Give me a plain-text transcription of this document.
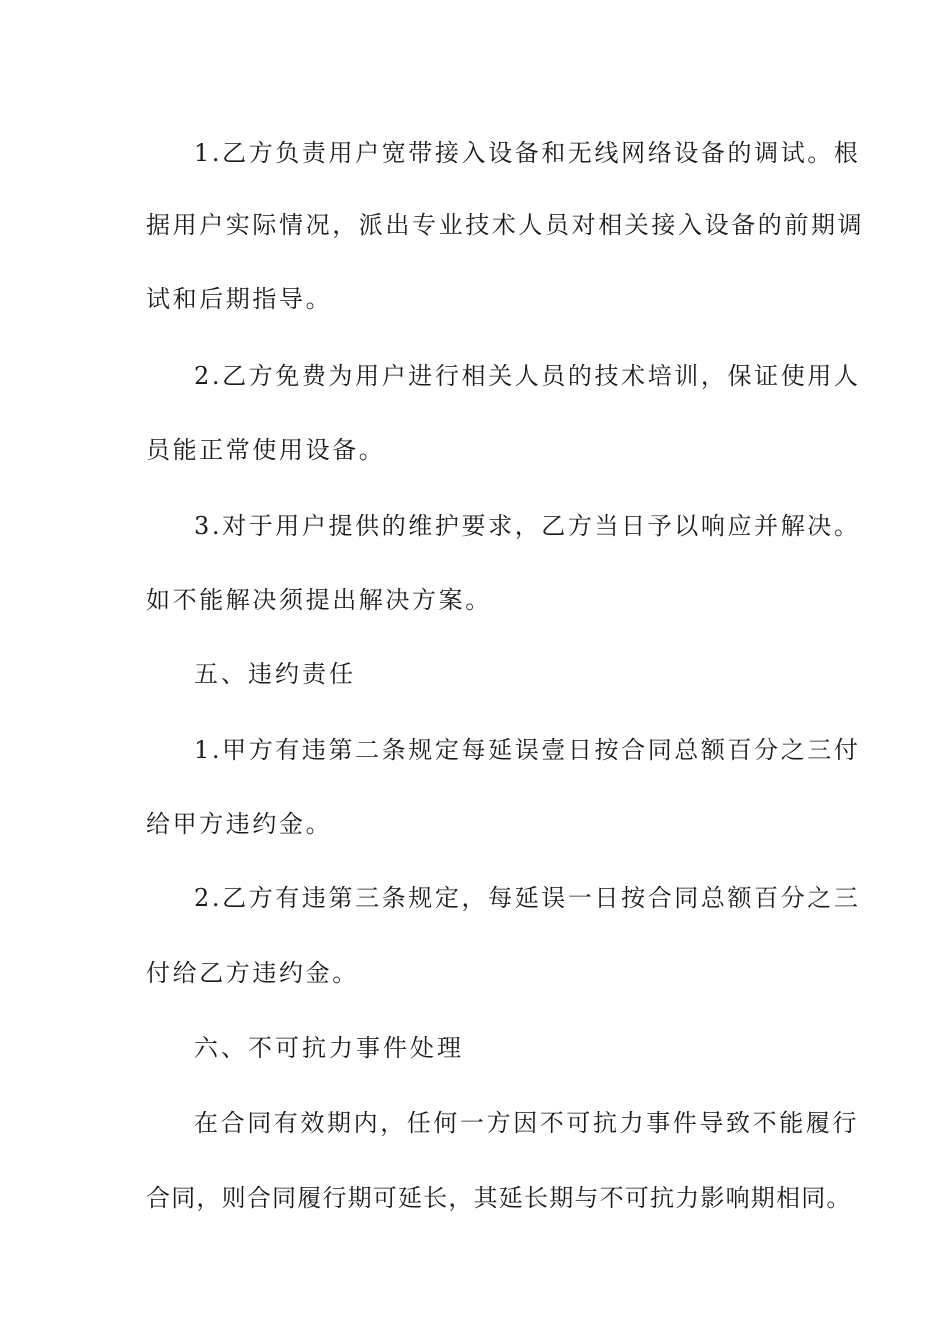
1.乙方负责用户宽带接入设备和无线网络设备的调试。根
据用户实际情况，派出专业技术人员对相关接入设备的前期调
试和后期指导。
2.乙方免费为用户进行相关人员的技术培训，保证使用人
员能正常使用设备。
3.对于用户提供的维护要求，乙方当日予以响应并解决。
如不能解决须提出解决方案。
五、违约责任
1.甲方有违第二条规定每延误壹日按合同总额百分之三付
给甲方违约金。
2.乙方有违第三条规定，每延误一日按合同总额百分之三
付给乙方违约金。
六、不可抗力事件处理
在合同有效期内，任何一方因不可抗力事件导致不能履行
合同，则合同履行期可延长，其延长期与不可抗力影响期相同。
